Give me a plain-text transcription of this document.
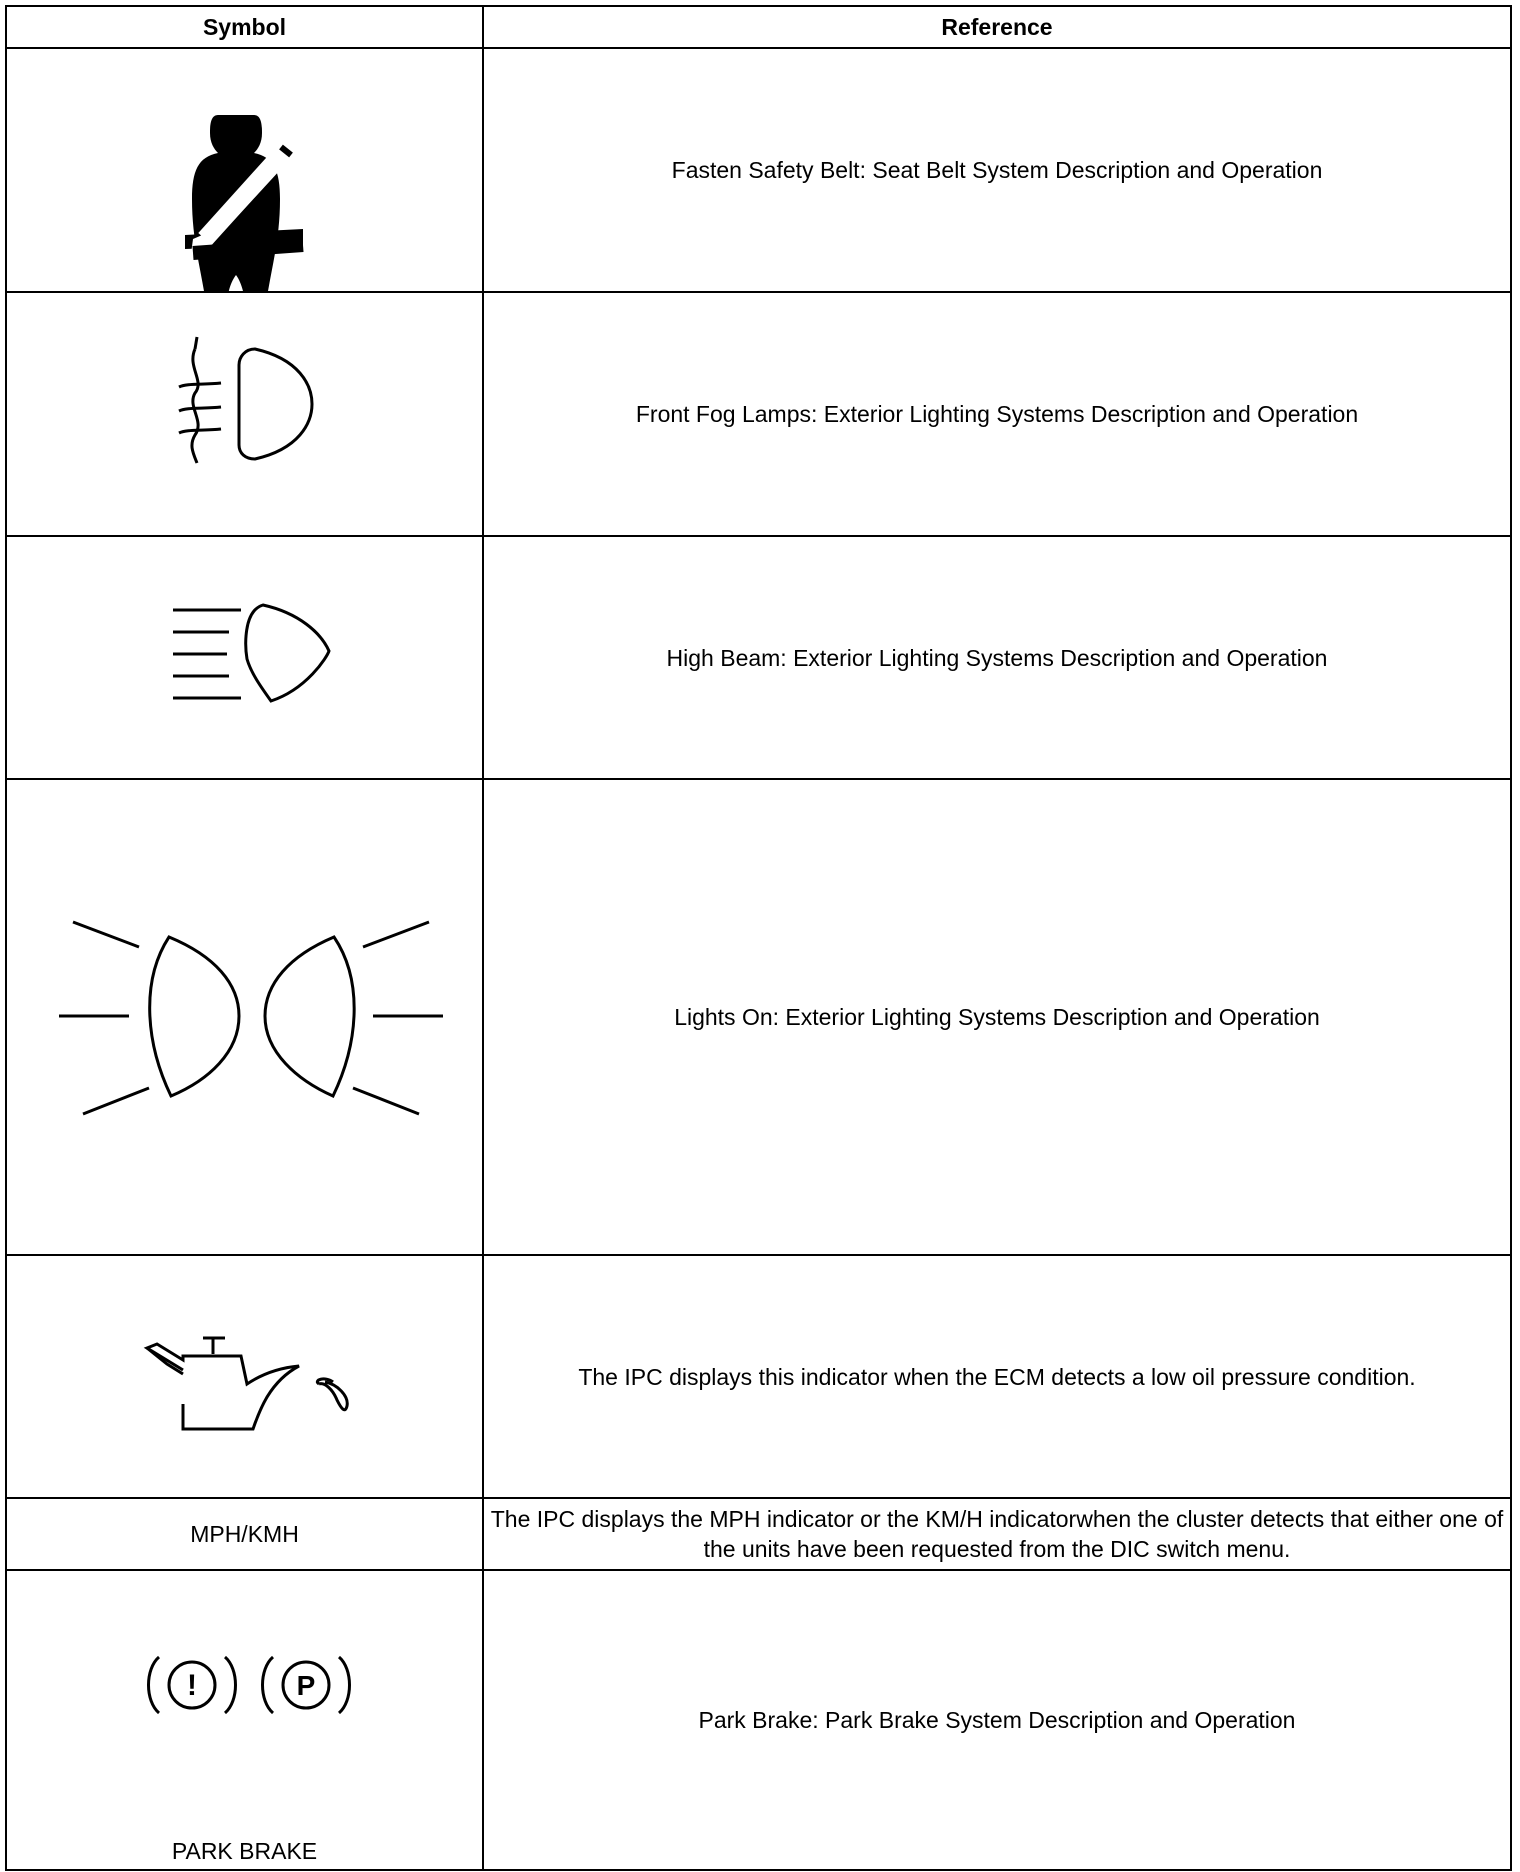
Symbol	Reference

	Fasten Safety Belt: Seat Belt System Description and Operation

	Front Fog Lamps: Exterior Lighting Systems Description and Operation

	High Beam: Exterior Lighting Systems Description and Operation

	Lights On: Exterior Lighting Systems Description and Operation

	The IPC displays this indicator when the ECM detects a low oil pressure condition.
MPH/KMH	The IPC displays the MPH indicator or the KM/H indicatorwhen the cluster detects that either one of the units have been requested from the DIC switch menu.

! P
PARK BRAKE	Park Brake: Park Brake System Description and Operation
